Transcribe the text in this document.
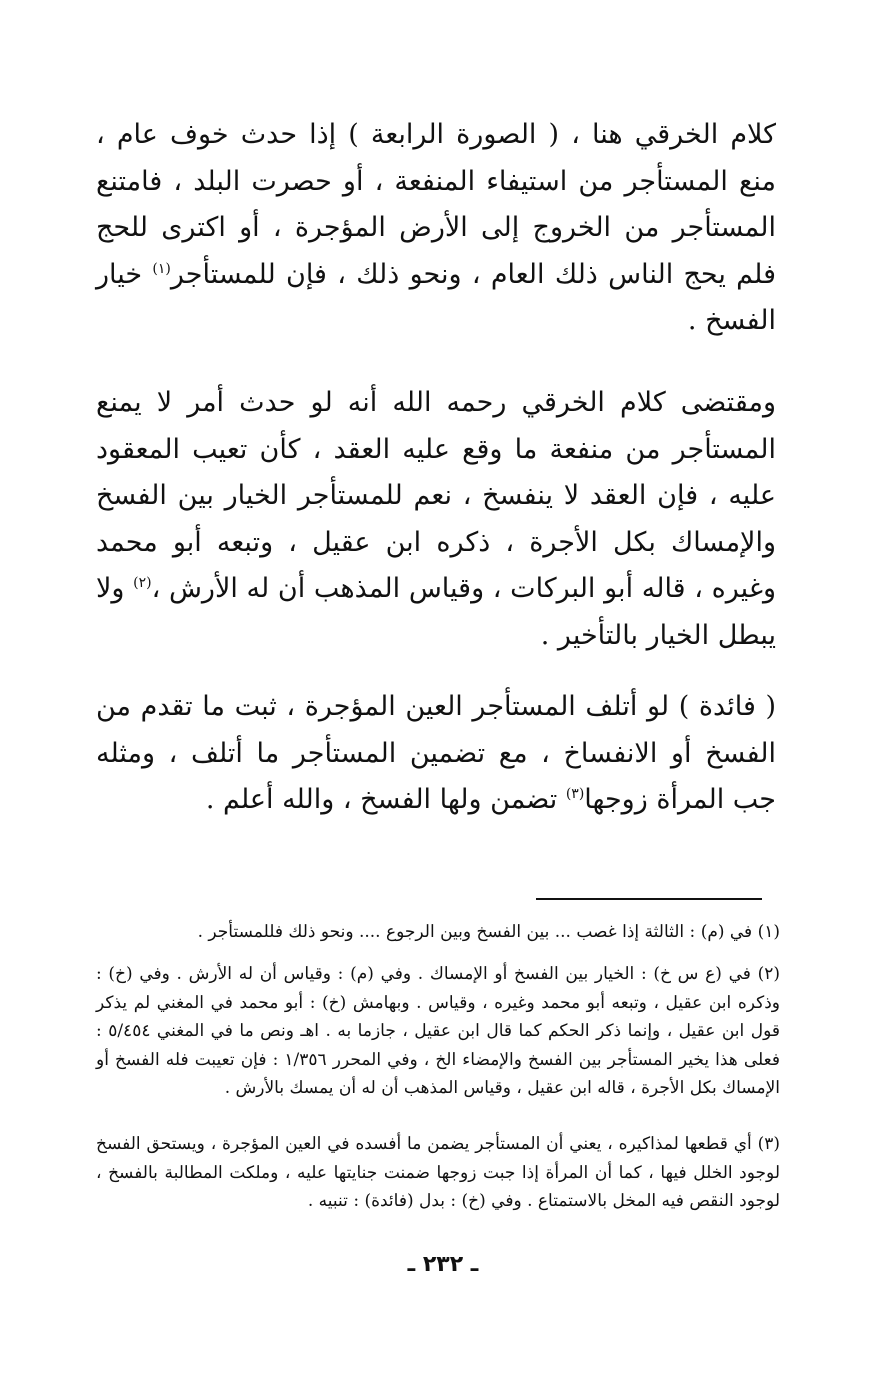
كلام الخرقي هنا ، ( الصورة الرابعة ) إذا حدث خوف عام ، منع المستأجر من استيفاء المنفعة ، أو حصرت البلد ، فامتنع المستأجر من الخروج إلى الأرض المؤجرة ، أو اكترى للحج فلم يحج الناس ذلك العام ، ونحو ذلك ، فإن للمستأجر$^{(١)}$ خيار الفسخ .

ومقتضى كلام الخرقي رحمه الله أنه لو حدث أمر لا يمنع المستأجر من منفعة ما وقع عليه العقد ، كأن تعيب المعقود عليه ، فإن العقد لا ينفسخ ، نعم للمستأجر الخيار بين الفسخ والإمساك بكل الأجرة ، ذكره ابن عقيل ، وتبعه أبو محمد وغيره ، قاله أبو البركات ، وقياس المذهب أن له الأرش ،$^{(٢)}$ ولا يبطل الخيار بالتأخير .

( فائدة ) لو أتلف المستأجر العين المؤجرة ، ثبت ما تقدم من الفسخ أو الانفساخ ، مع تضمين المستأجر ما أتلف ، ومثله جب المرأة زوجها$^{(٣)}$ تضمن ولها الفسخ ، والله أعلم .

(١) في (م) : الثالثة إذا غصب ... بين الفسخ وبين الرجوع .... ونحو ذلك فللمستأجر .

(٢) في (ع س خ) : الخيار بين الفسخ أو الإمساك . وفي (م) : وقياس أن له الأرش . وفي (خ) : وذكره ابن عقيل ، وتبعه أبو محمد وغيره ، وقياس . وبهامش (خ) : أبو محمد في المغني لم يذكر قول ابن عقيل ، وإنما ذكر الحكم كما قال ابن عقيل ، جازما به . اهـ ونص ما في المغني ٥/٤٥٤ : فعلى هذا يخير المستأجر بين الفسخ والإمضاء الخ ، وفي المحرر ١/٣٥٦ : فإن تعيبت فله الفسخ أو الإمساك بكل الأجرة ، قاله ابن عقيل ، وقياس المذهب أن له أن يمسك بالأرش .

(٣) أي قطعها لمذاكيره ، يعني أن المستأجر يضمن ما أفسده في العين المؤجرة ، ويستحق الفسخ لوجود الخلل فيها ، كما أن المرأة إذا جبت زوجها ضمنت جنايتها عليه ، وملكت المطالبة بالفسخ ، لوجود النقص فيه المخل بالاستمتاع . وفي (خ) : بدل (فائدة) : تنبيه .

ـ ٢٣٢ ـ
